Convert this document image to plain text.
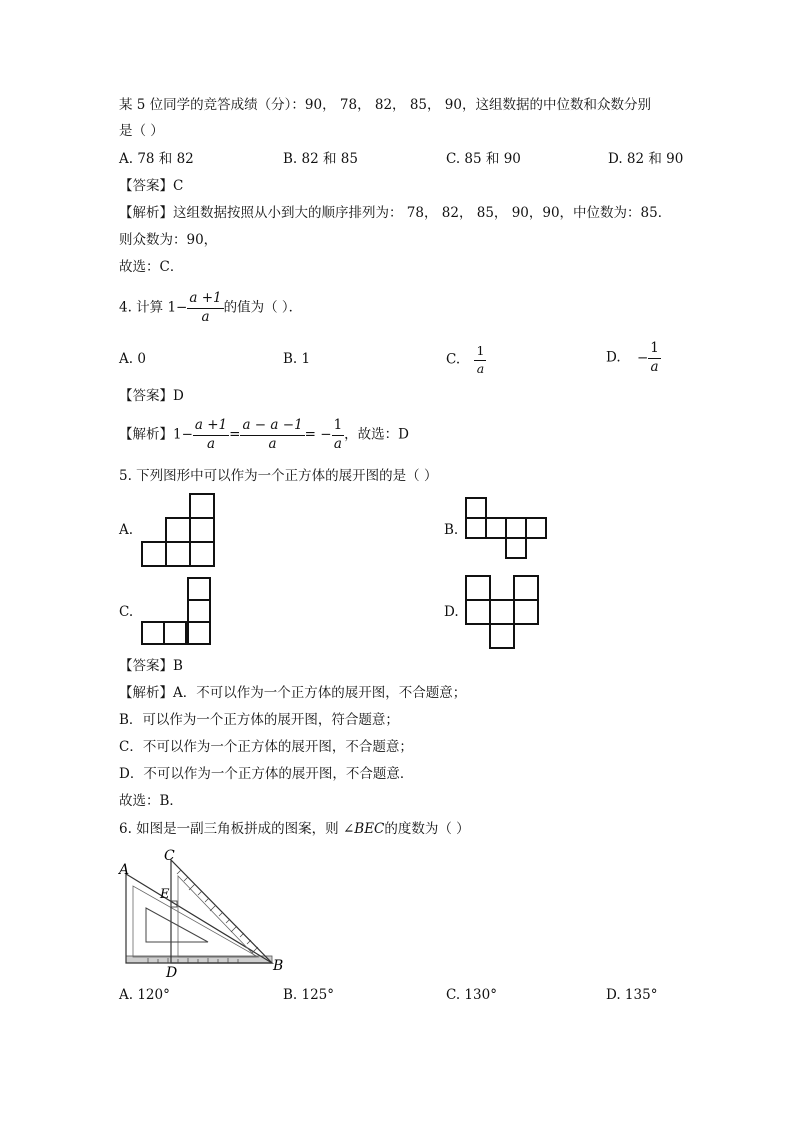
某 5 位同学的竞答成绩（分）：90， 78， 82， 85， 90，这组数据的中位数和众数分别
是（ ）
A. 78 和 82	B. 82 和 85	C. 85 和 90	D. 82 和 90
【答案】C
【解析】这组数据按照从小到大的顺序排列为： 78， 82， 85， 90，90，中位数为：85．
则众数为：90，
故选：C．
4. 计算 $1- \frac{a +1}{a}$ 的值为（ ）．
A. 0	B. 1	C. $\frac{1}{a}$	D. − $\frac{1}{a}$
【答案】D
【解析】$1- \frac{a +1}{a} = \frac{a - a -1}{a}$ = − $\frac{1}{a}$ ，故选：D
5. 下列图形中可以作为一个正方体的展开图的是（ ）
A.	B.
C.	D.
【答案】B
【解析】A．不可以作为一个正方体的展开图，不合题意；
B．可以作为一个正方体的展开图，符合题意；
C．不可以作为一个正方体的展开图，不合题意；
D．不可以作为一个正方体的展开图，不合题意．
故选：B．
6. 如图是一副三角板拼成的图案，则 ∠BEC的度数为（ ）
A
C
E
D	B
A. 120°	B. 125°	C. 130°	D. 135°
